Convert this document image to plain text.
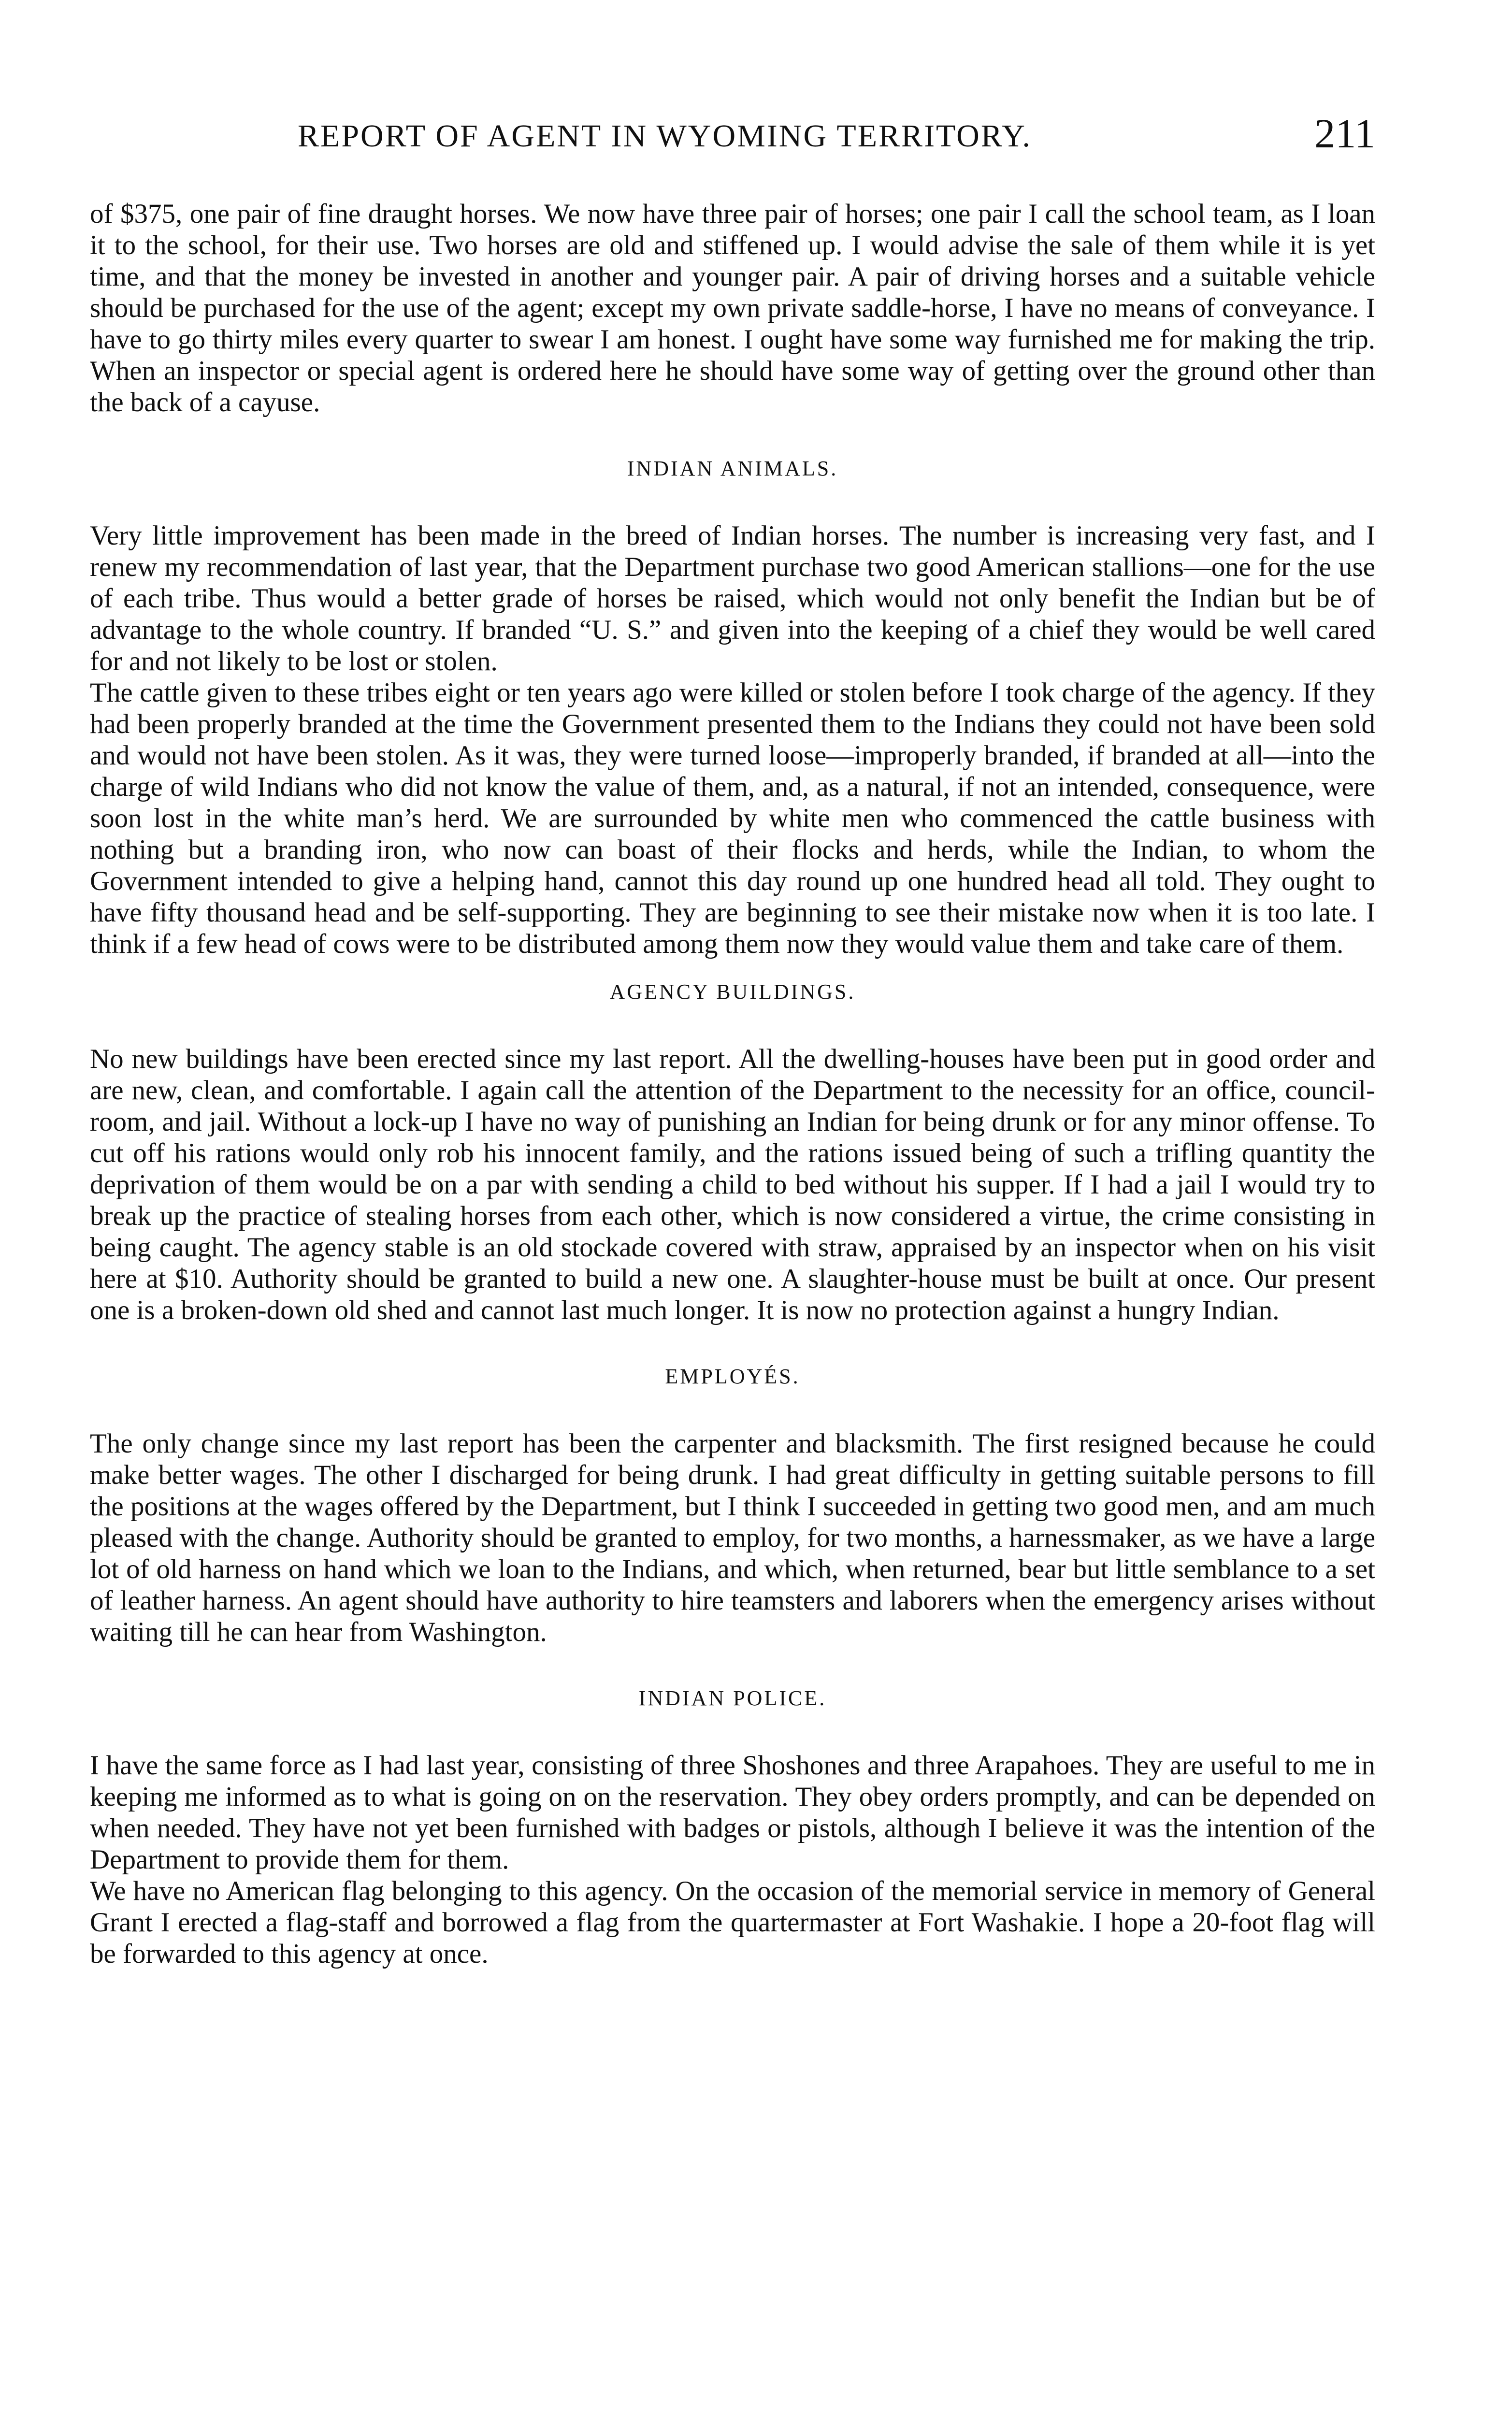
REPORT OF AGENT IN WYOMING TERRITORY.	211

of $375, one pair of fine draught horses. We now have three pair of horses; one pair I call the school team, as I loan it to the school, for their use. Two horses are old and stiffened up. I would advise the sale of them while it is yet time, and that the money be invested in another and younger pair. A pair of driving horses and a suitable vehicle should be purchased for the use of the agent; except my own private saddle-horse, I have no means of conveyance. I have to go thirty miles every quarter to swear I am honest. I ought have some way furnished me for making the trip. When an inspector or special agent is ordered here he should have some way of getting over the ground other than the back of a cayuse.

INDIAN ANIMALS.

Very little improvement has been made in the breed of Indian horses. The number is increasing very fast, and I renew my recommendation of last year, that the Department purchase two good American stallions—one for the use of each tribe. Thus would a better grade of horses be raised, which would not only benefit the Indian but be of advantage to the whole country. If branded “U. S.” and given into the keeping of a chief they would be well cared for and not likely to be lost or stolen.

The cattle given to these tribes eight or ten years ago were killed or stolen before I took charge of the agency. If they had been properly branded at the time the Government presented them to the Indians they could not have been sold and would not have been stolen. As it was, they were turned loose—improperly branded, if branded at all—into the charge of wild Indians who did not know the value of them, and, as a natural, if not an intended, consequence, were soon lost in the white man’s herd. We are surrounded by white men who commenced the cattle business with nothing but a branding iron, who now can boast of their flocks and herds, while the Indian, to whom the Government intended to give a helping hand, cannot this day round up one hundred head all told. They ought to have fifty thousand head and be self-supporting. They are beginning to see their mistake now when it is too late. I think if a few head of cows were to be distributed among them now they would value them and take care of them.

AGENCY BUILDINGS.

No new buildings have been erected since my last report. All the dwelling-houses have been put in good order and are new, clean, and comfortable. I again call the attention of the Department to the necessity for an office, council-room, and jail. Without a lock-up I have no way of punishing an Indian for being drunk or for any minor offense. To cut off his rations would only rob his innocent family, and the rations issued being of such a trifling quantity the deprivation of them would be on a par with sending a child to bed without his supper. If I had a jail I would try to break up the practice of stealing horses from each other, which is now considered a virtue, the crime consisting in being caught. The agency stable is an old stockade covered with straw, appraised by an inspector when on his visit here at $10. Authority should be granted to build a new one. A slaughter-house must be built at once. Our present one is a broken-down old shed and cannot last much longer. It is now no protection against a hungry Indian.

EMPLOYÉS.

The only change since my last report has been the carpenter and blacksmith. The first resigned because he could make better wages. The other I discharged for being drunk. I had great difficulty in getting suitable persons to fill the positions at the wages offered by the Department, but I think I succeeded in getting two good men, and am much pleased with the change. Authority should be granted to employ, for two months, a harnessmaker, as we have a large lot of old harness on hand which we loan to the Indians, and which, when returned, bear but little semblance to a set of leather harness. An agent should have authority to hire teamsters and laborers when the emergency arises without waiting till he can hear from Washington.

INDIAN POLICE.

I have the same force as I had last year, consisting of three Shoshones and three Arapahoes. They are useful to me in keeping me informed as to what is going on on the reservation. They obey orders promptly, and can be depended on when needed. They have not yet been furnished with badges or pistols, although I believe it was the intention of the Department to provide them for them.

We have no American flag belonging to this agency. On the occasion of the memorial service in memory of General Grant I erected a flag-staff and borrowed a flag from the quartermaster at Fort Washakie. I hope a 20-foot flag will be forwarded to this agency at once.
